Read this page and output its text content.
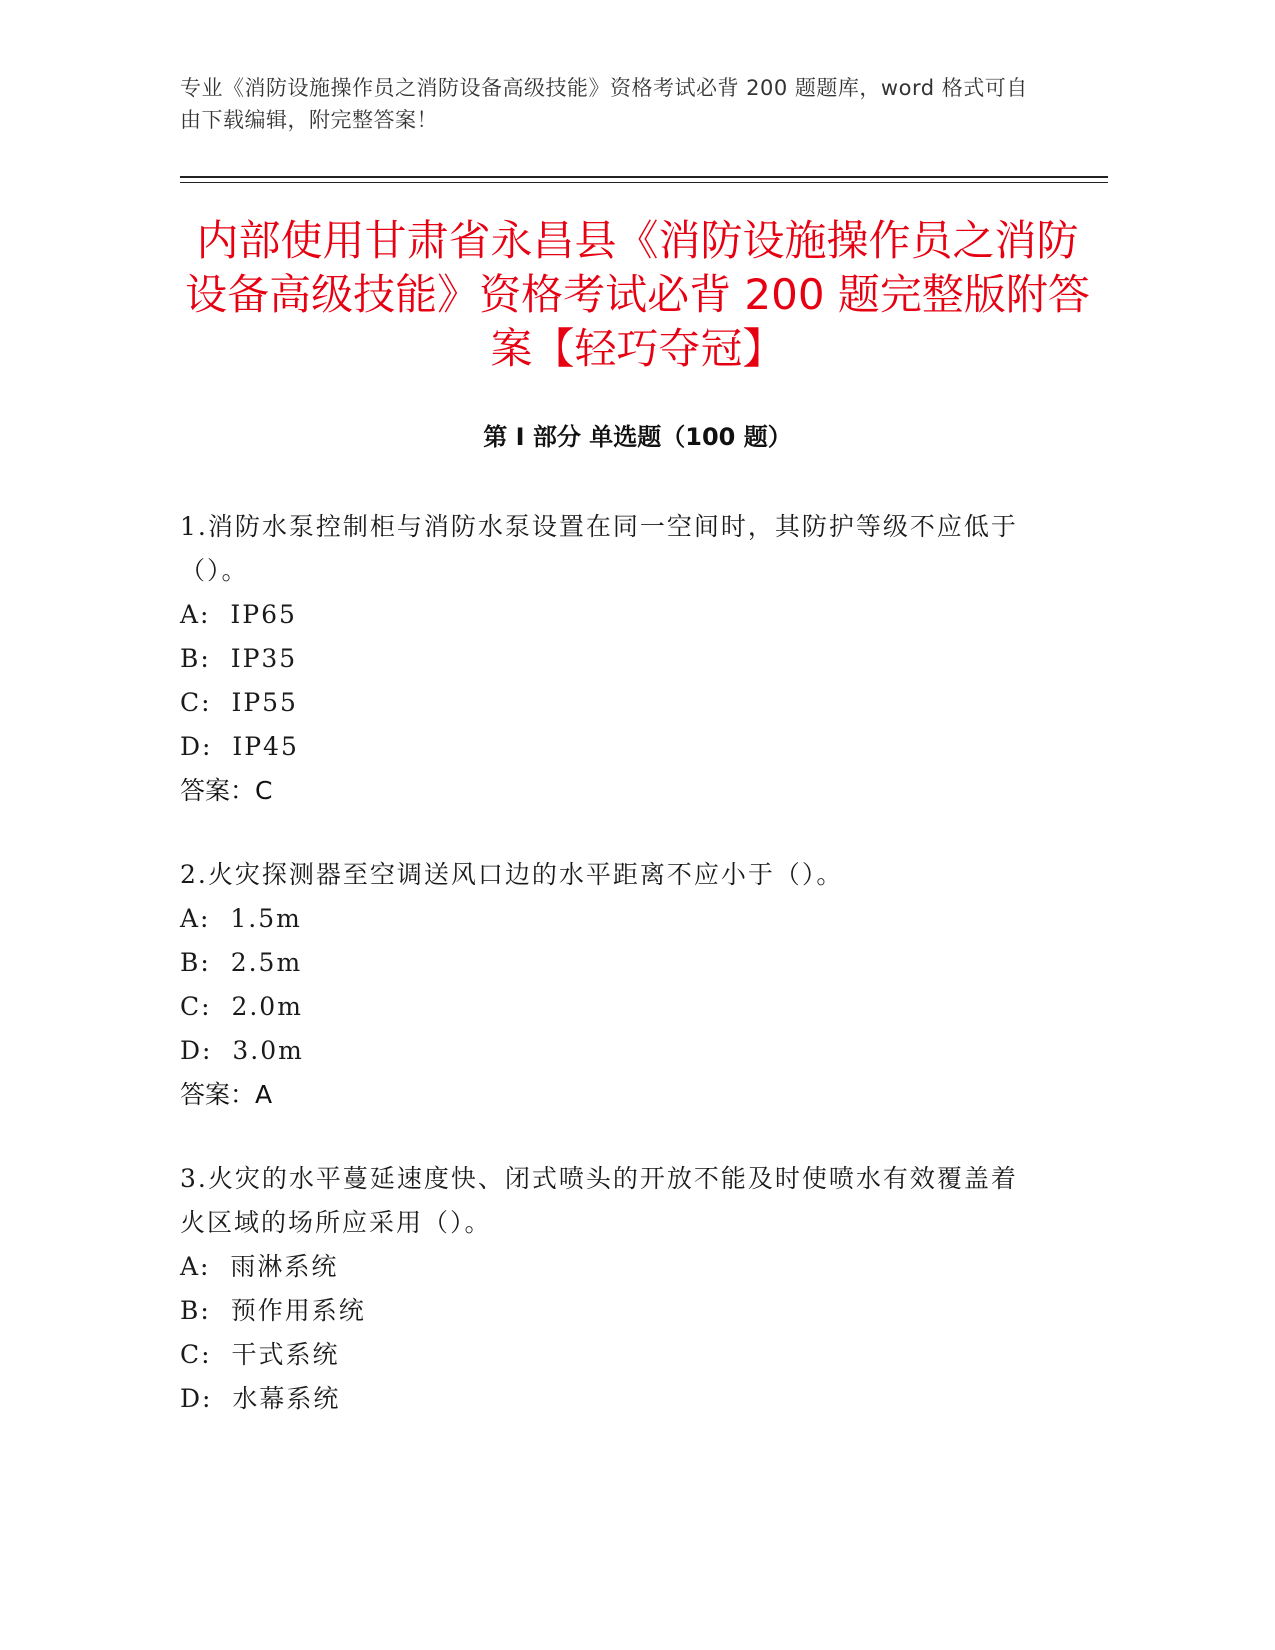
专业《消防设施操作员之消防设备高级技能》资格考试必背 200 题题库，word 格式可自由下载编辑，附完整答案！
内部使用甘肃省永昌县《消防设施操作员之消防设备高级技能》资格考试必背 200 题完整版附答案【轻巧夺冠】
第 I 部分 单选题（100 题）
1.消防水泵控制柜与消防水泵设置在同一空间时，其防护等级不应低于（）。
A:  IP65
B:  IP35
C:  IP55
D:  IP45
答案：C
2.火灾探测器至空调送风口边的水平距离不应小于（）。
A:  1.5m
B:  2.5m
C:  2.0m
D:  3.0m
答案：A
3.火灾的水平蔓延速度快、闭式喷头的开放不能及时使喷水有效覆盖着火区域的场所应采用（）。
A:  雨淋系统
B:  预作用系统
C:  干式系统
D:  水幕系统
